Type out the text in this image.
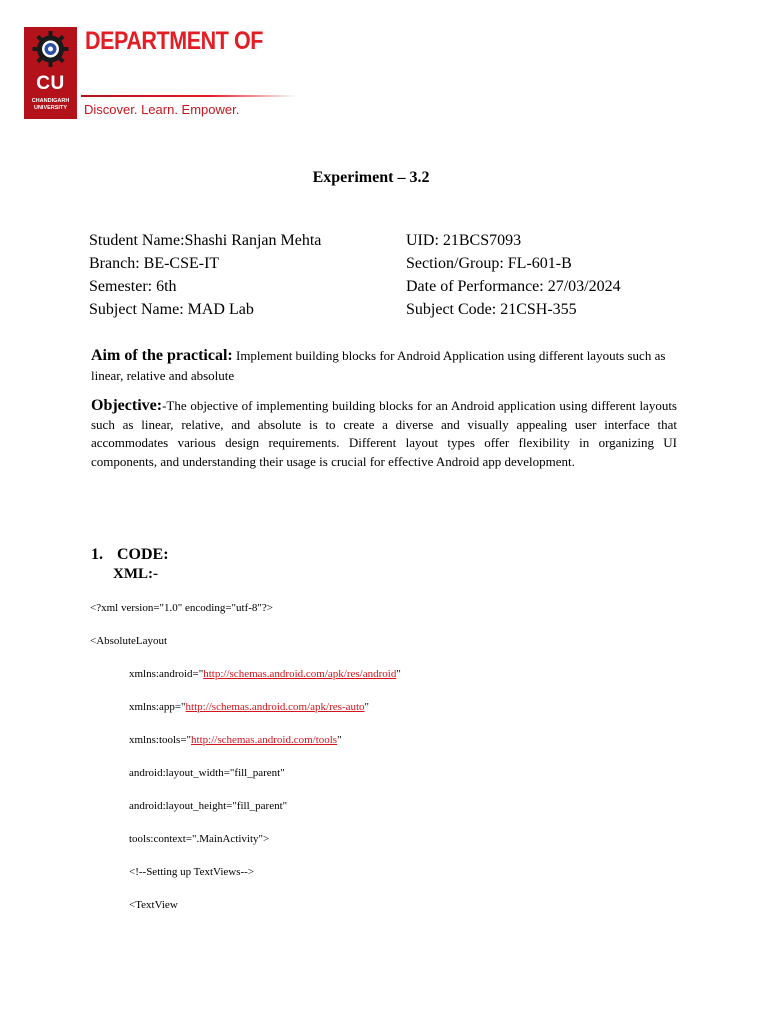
CU
CHANDIGARH UNIVERSITY
DEPARTMENT OF

Discover. Learn. Empower.

Experiment – 3.2
Student Name:Shashi Ranjan Mehta
Branch: BE-CSE-IT
Semester: 6th
Subject Name: MAD Lab
UID: 21BCS7093
Section/Group: FL-601-B
Date of Performance: 27/03/2024
Subject Code: 21CSH-355

Aim of the practical: Implement building blocks for Android Application using different layouts such as linear, relative and absolute

Objective:-The objective of implementing building blocks for an Android application using different layouts such as linear, relative, and absolute is to create a diverse and visually appealing user interface that accommodates various design requirements. Different layout types offer flexibility in organizing UI components, and understanding their usage is crucial for effective Android app development.

1. CODE:
XML:-
<?xml version="1.0" encoding="utf-8"?>
<AbsoluteLayout
xmlns:android="http://schemas.android.com/apk/res/android"
xmlns:app="http://schemas.android.com/apk/res-auto"
xmlns:tools="http://schemas.android.com/tools"
android:layout_width="fill_parent"
android:layout_height="fill_parent"
tools:context=".MainActivity">
<!--Setting up TextViews-->
<TextView
